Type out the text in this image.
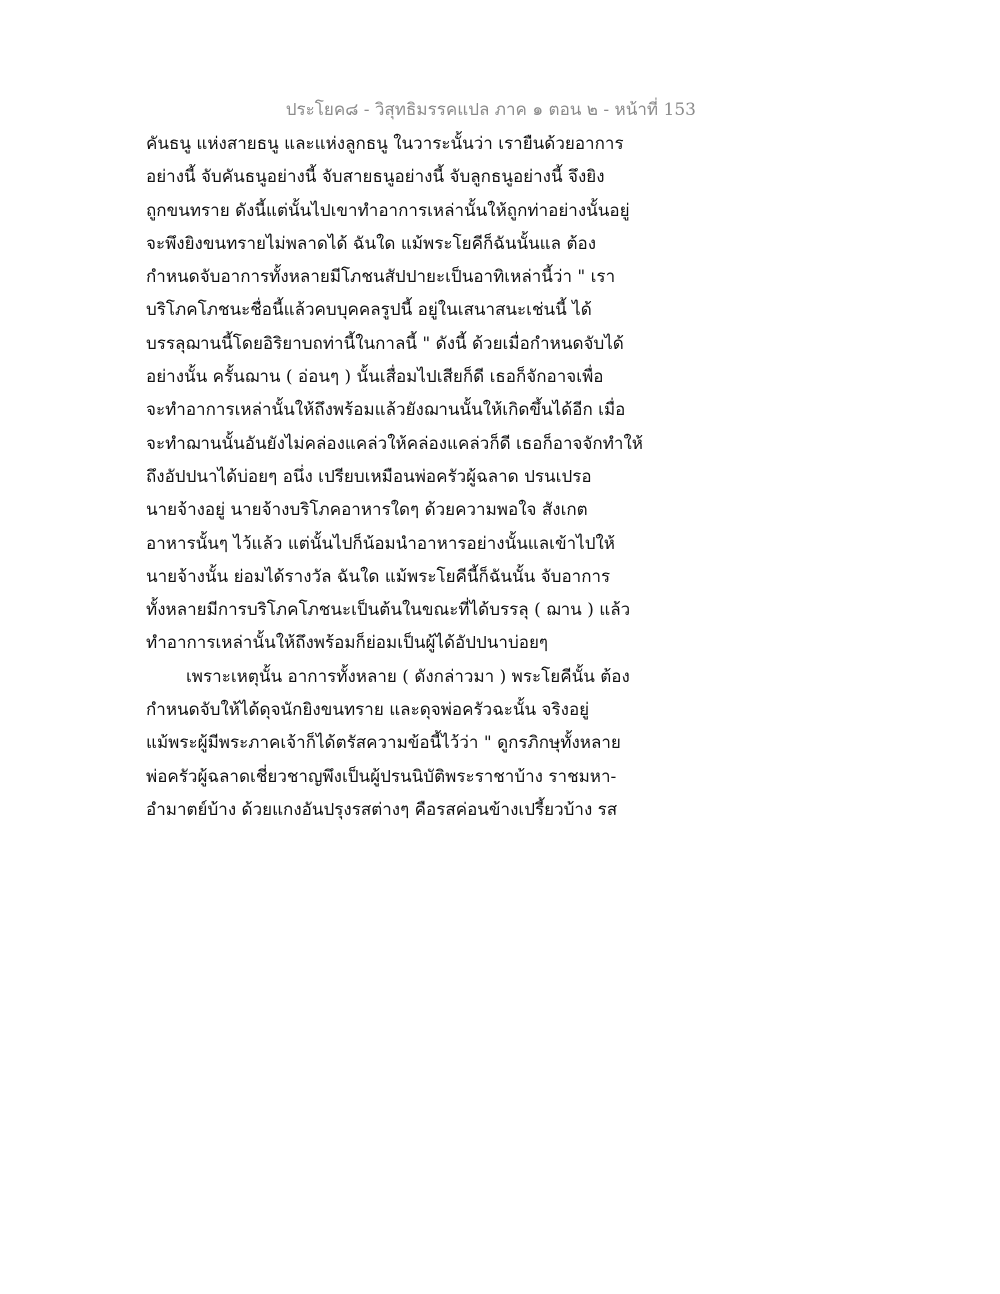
ประโยค๘ - วิสุทธิมรรคแปล ภาค ๑ ตอน ๒ - หน้าที่ 153
คันธนู แห่งสายธนู และแห่งลูกธนู ในวาระนั้นว่า เรายืนด้วยอาการ
อย่างนี้ จับคันธนูอย่างนี้ จับสายธนูอย่างนี้ จับลูกธนูอย่างนี้ จึงยิง
ถูกขนทราย ดังนี้แต่นั้นไปเขาทำอาการเหล่านั้นให้ถูกท่าอย่างนั้นอยู่
จะพึงยิงขนทรายไม่พลาดได้ ฉันใด แม้พระโยคีก็ฉันนั้นแล ต้อง
กำหนดจับอาการทั้งหลายมีโภชนสัปปายะเป็นอาทิเหล่านี้ว่า " เรา
บริโภคโภชนะชื่อนี้แล้วคบบุคคลรูปนี้ อยู่ในเสนาสนะเช่นนี้ ได้
บรรลุฌานนี้โดยอิริยาบถท่านี้ในกาลนี้ " ดังนี้ ด้วยเมื่อกำหนดจับได้
อย่างนั้น ครั้นฌาน ( อ่อนๆ ) นั้นเสื่อมไปเสียก็ดี เธอก็จักอาจเพื่อ
จะทำอาการเหล่านั้นให้ถึงพร้อมแล้วยังฌานนั้นให้เกิดขึ้นได้อีก เมื่อ
จะทำฌานนั้นอันยังไม่คล่องแคล่วให้คล่องแคล่วก็ดี เธอก็อาจจักทำให้
ถึงอัปปนาได้บ่อยๆ อนึ่ง เปรียบเหมือนพ่อครัวผู้ฉลาด ปรนเปรอ
นายจ้างอยู่ นายจ้างบริโภคอาหารใดๆ ด้วยความพอใจ สังเกต
อาหารนั้นๆ ไว้แล้ว แต่นั้นไปก็น้อมนำอาหารอย่างนั้นแลเข้าไปให้
นายจ้างนั้น ย่อมได้รางวัล ฉันใด แม้พระโยคีนี้ก็ฉันนั้น จับอาการ
ทั้งหลายมีการบริโภคโภชนะเป็นต้นในขณะที่ได้บรรลุ ( ฌาน ) แล้ว
ทำอาการเหล่านั้นให้ถึงพร้อมก็ย่อมเป็นผู้ได้อัปปนาบ่อยๆ
เพราะเหตุนั้น อาการทั้งหลาย ( ดังกล่าวมา ) พระโยคีนั้น ต้อง
กำหนดจับให้ได้ดุจนักยิงขนทราย และดุจพ่อครัวฉะนั้น จริงอยู่
แม้พระผู้มีพระภาคเจ้าก็ได้ตรัสความข้อนี้ไว้ว่า " ดูกรภิกษุทั้งหลาย
พ่อครัวผู้ฉลาดเชี่ยวชาญพึงเป็นผู้ปรนนิบัติพระราชาบ้าง ราชมหา-
อำมาตย์บ้าง ด้วยแกงอันปรุงรสต่างๆ คือรสค่อนข้างเปรี้ยวบ้าง รส
